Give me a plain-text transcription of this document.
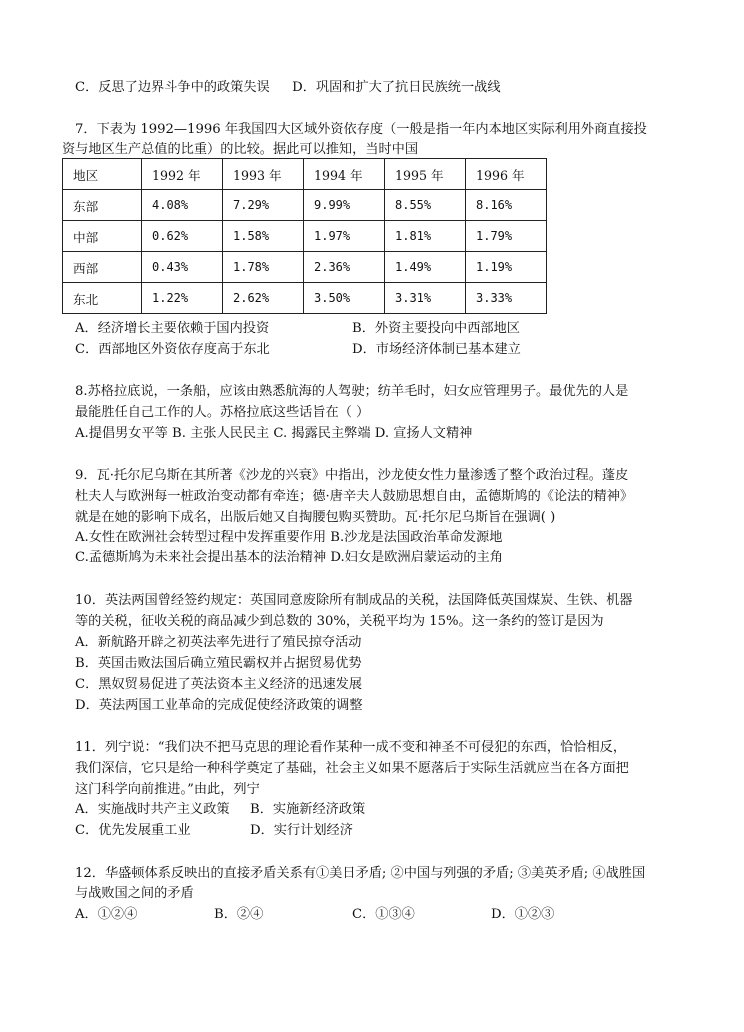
C．反思了边界斗争中的政策失误 D．巩固和扩大了抗日民族统一战线
7．下表为 1992—1996 年我国四大区域外资依存度（一般是指一年内本地区实际利用外商直接投
资与地区生产总值的比重）的比较。据此可以推知，当时中国
地区	1992 年	1993 年	1994 年	1995 年	1996 年
东部	4.08%	7.29%	9.99%	8.55%	8.16%
中部	0.62%	1.58%	1.97%	1.81%	1.79%
西部	0.43%	1.78%	2.36%	1.49%	1.19%
东北	1.22%	2.62%	3.50%	3.31%	3.33%
A．经济增长主要依赖于国内投资	B．外资主要投向中西部地区
C．西部地区外资依存度高于东北	D．市场经济体制已基本建立
8.苏格拉底说，一条船，应该由熟悉航海的人驾驶；纺羊毛时，妇女应管理男子。最优先的人是
最能胜任自己工作的人。苏格拉底这些话旨在（ ）
A.提倡男女平等 B. 主张人民民主 C. 揭露民主弊端 D. 宣扬人文精神
9．瓦·托尔尼乌斯在其所著《沙龙的兴衰》中指出，沙龙使女性力量渗透了整个政治过程。蓬皮
杜夫人与欧洲每一桩政治变动都有牵连；德·唐辛夫人鼓励思想自由，孟德斯鸠的《论法的精神》
就是在她的影响下成名，出版后她又自掏腰包购买赞助。瓦·托尔尼乌斯旨在强调( )
A.女性在欧洲社会转型过程中发挥重要作用 B.沙龙是法国政治革命发源地
C.孟德斯鸠为未来社会提出基本的法治精神 D.妇女是欧洲启蒙运动的主角
10．英法两国曾经签约规定：英国同意废除所有制成品的关税，法国降低英国煤炭、生铁、机器
等的关税，征收关税的商品减少到总数的 30%，关税平均为 15%。这一条约的签订是因为
A．新航路开辟之初英法率先进行了殖民掠夺活动
B．英国击败法国后确立殖民霸权并占据贸易优势
C．黑奴贸易促进了英法资本主义经济的迅速发展
D．英法两国工业革命的完成促使经济政策的调整
11．列宁说：“我们决不把马克思的理论看作某种一成不变和神圣不可侵犯的东西，恰恰相反，
我们深信，它只是给一种科学奠定了基础，社会主义如果不愿落后于实际生活就应当在各方面把
这门科学向前推进。”由此，列宁
A．实施战时共产主义政策 B．实施新经济政策
C．优先发展重工业	D．实行计划经济
12．华盛顿体系反映出的直接矛盾关系有①美日矛盾; ②中国与列强的矛盾; ③美英矛盾; ④战胜国
与战败国之间的矛盾
A．①②④	B．②④	C．①③④	D．①②③
